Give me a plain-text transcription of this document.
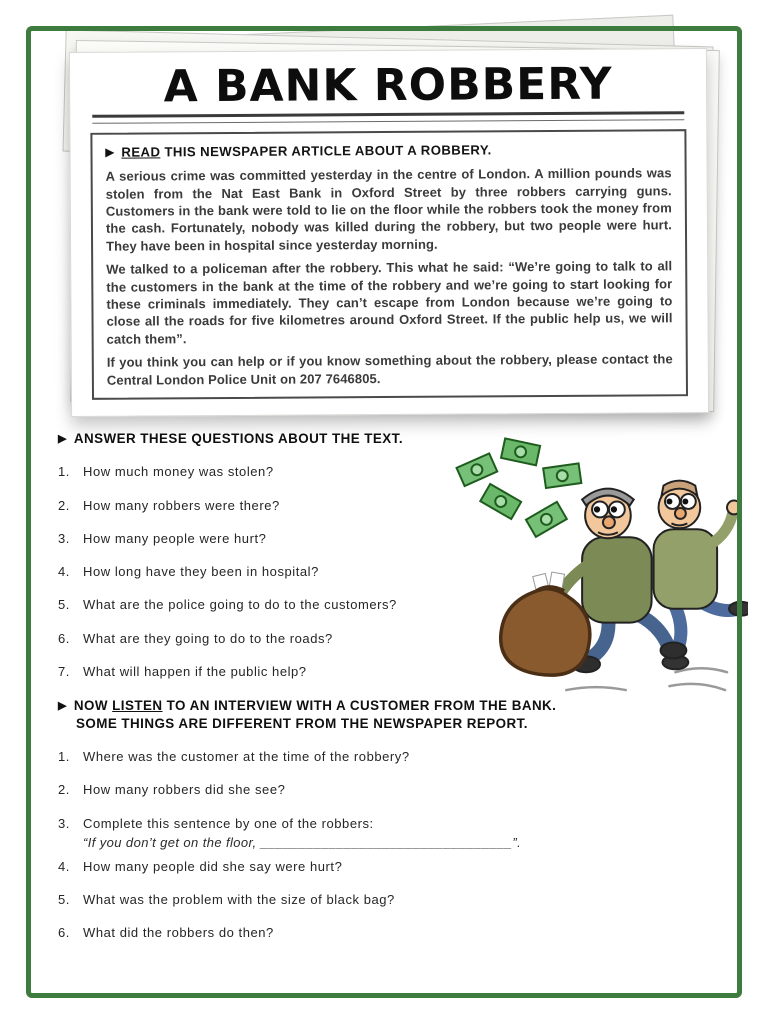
A BANK ROBBERY

▶ READ THIS NEWSPAPER ARTICLE ABOUT A ROBBERY.

A serious crime was committed yesterday in the centre of London. A million pounds was stolen from the Nat East Bank in Oxford Street by three robbers carrying guns. Customers in the bank were told to lie on the floor while the robbers took the money from the cash. Fortunately, nobody was killed during the robbery, but two people were hurt. They have been in hospital since yesterday morning.

We talked to a policeman after the robbery. This what he said: “We’re going to talk to all the customers in the bank at the time of the robbery and we’re going to start looking for these criminals immediately. They can’t escape from London because we’re going to close all the roads for five kilometres around Oxford Street. If the public help us, we will catch them”.

If you think you can help or if you know something about the robbery, please contact the Central London Police Unit on 207 7646805.

▶ ANSWER THESE QUESTIONS ABOUT THE TEXT.
1. How much money was stolen?
2. How many robbers were there?
3. How many people were hurt?
4. How long have they been in hospital?
5. What are the police going to do to the customers?
6. What are they going to do to the roads?
7. What will happen if the public help?
▶ NOW LISTEN TO AN INTERVIEW WITH A CUSTOMER FROM THE BANK.
SOME THINGS ARE DIFFERENT FROM THE NEWSPAPER REPORT.
1. Where was the customer at the time of the robbery?
2. How many robbers did she see?
3. Complete this sentence by one of the robbers:
“If you don’t get on the floor, _________________________________”.
4. How many people did she say were hurt?
5. What was the problem with the size of black bag?
6. What did the robbers do then?
